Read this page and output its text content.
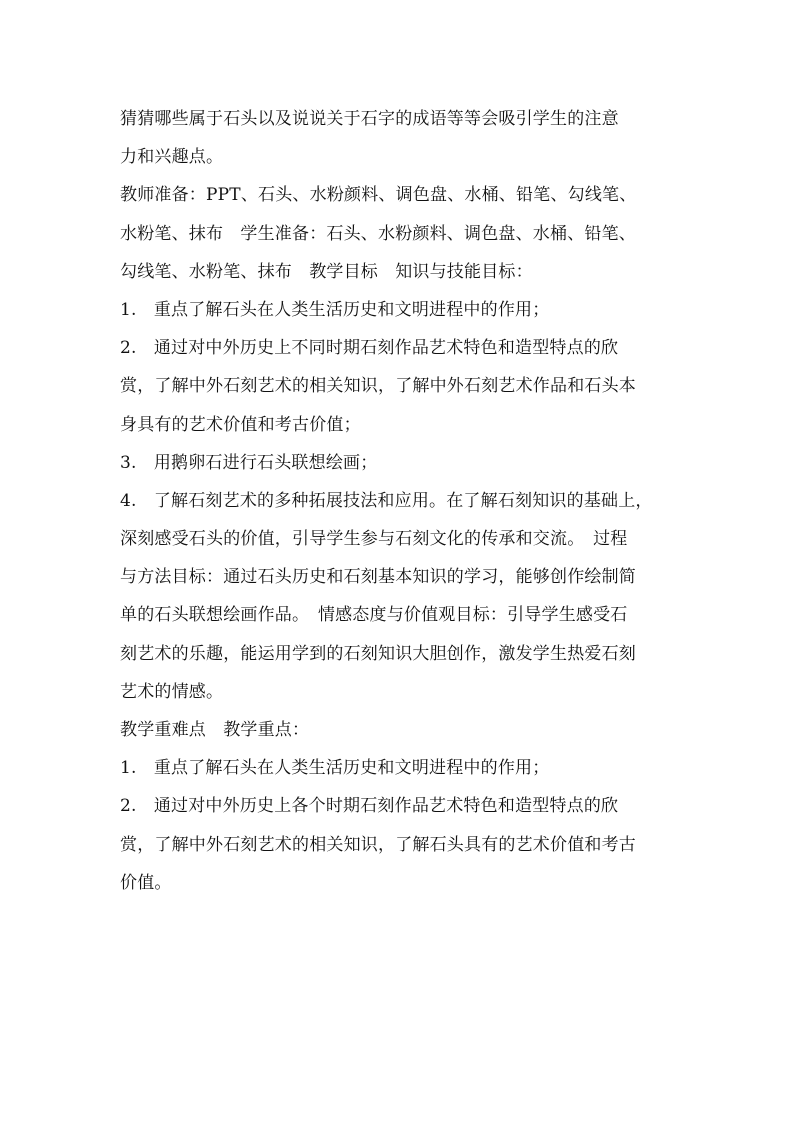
猜猜哪些属于石头以及说说关于石字的成语等等会吸引学生的注意
力和兴趣点。
教师准备：PPT、石头、水粉颜料、调色盘、水桶、铅笔、勾线笔、
水粉笔、抹布　学生准备：石头、水粉颜料、调色盘、水桶、铅笔、
勾线笔、水粉笔、抹布　教学目标　知识与技能目标：
1.　重点了解石头在人类生活历史和文明进程中的作用；
2.　通过对中外历史上不同时期石刻作品艺术特色和造型特点的欣
赏，了解中外石刻艺术的相关知识，了解中外石刻艺术作品和石头本
身具有的艺术价值和考古价值；
3.　用鹅卵石进行石头联想绘画；
4.　了解石刻艺术的多种拓展技法和应用。在了解石刻知识的基础上，
深刻感受石头的价值，引导学生参与石刻文化的传承和交流。　过程
与方法目标：通过石头历史和石刻基本知识的学习，能够创作绘制简
单的石头联想绘画作品。　情感态度与价值观目标：引导学生感受石
刻艺术的乐趣，能运用学到的石刻知识大胆创作，激发学生热爱石刻
艺术的情感。
教学重难点　教学重点：
1.　重点了解石头在人类生活历史和文明进程中的作用；
2.　通过对中外历史上各个时期石刻作品艺术特色和造型特点的欣
赏，了解中外石刻艺术的相关知识，了解石头具有的艺术价值和考古
价值。
